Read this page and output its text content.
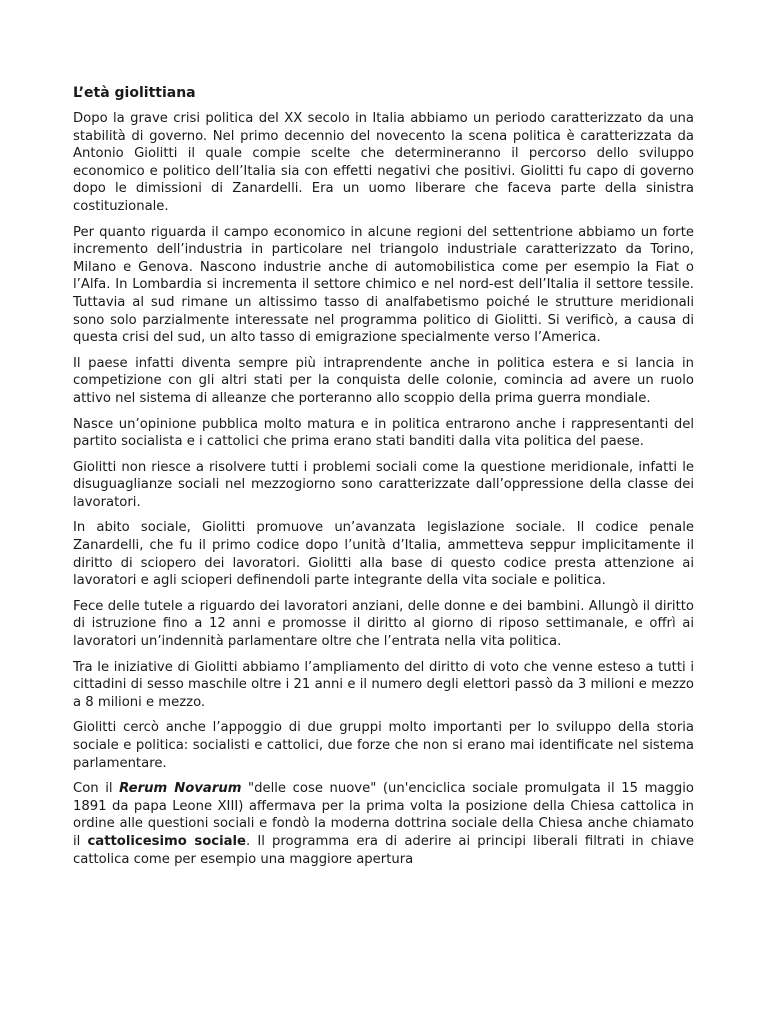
L’età giolittiana

Dopo la grave crisi politica del XX secolo in Italia abbiamo un periodo caratterizzato da una stabilità di governo. Nel primo decennio del novecento la scena politica è caratterizzata da Antonio Giolitti il quale compie scelte che determineranno il percorso dello sviluppo economico e politico dell’Italia sia con effetti negativi che positivi. Giolitti fu capo di governo dopo le dimissioni di Zanardelli. Era un uomo liberare che faceva parte della sinistra costituzionale.

Per quanto riguarda il campo economico in alcune regioni del settentrione abbiamo un forte incremento dell’industria in particolare nel triangolo industriale caratterizzato da Torino, Milano e Genova. Nascono industrie anche di automobilistica come per esempio la Fiat o l’Alfa. In Lombardia si incrementa il settore chimico e nel nord-est dell’Italia il settore tessile. Tuttavia al sud rimane un altissimo tasso di analfabetismo poiché le strutture meridionali sono solo parzialmente interessate nel programma politico di Giolitti. Si verificò, a causa di questa crisi del sud, un alto tasso di emigrazione specialmente verso l’America.

Il paese infatti diventa sempre più intraprendente anche in politica estera e si lancia in competizione con gli altri stati per la conquista delle colonie, comincia ad avere un ruolo attivo nel sistema di alleanze che porteranno allo scoppio della prima guerra mondiale.

Nasce un’opinione pubblica molto matura e in politica entrarono anche i rappresentanti del partito socialista e i cattolici che prima erano stati banditi dalla vita politica del paese.

Giolitti non riesce a risolvere tutti i problemi sociali come la questione meridionale, infatti le disuguaglianze sociali nel mezzogiorno sono caratterizzate dall’oppressione della classe dei lavoratori.

In abito sociale, Giolitti promuove un’avanzata legislazione sociale. Il codice penale Zanardelli, che fu il primo codice dopo l’unità d’Italia, ammetteva seppur implicitamente il diritto di sciopero dei lavoratori. Giolitti alla base di questo codice presta attenzione ai lavoratori e agli scioperi definendoli parte integrante della vita sociale e politica.

Fece delle tutele a riguardo dei lavoratori anziani, delle donne e dei bambini. Allungò il diritto di istruzione fino a 12 anni e promosse il diritto al giorno di riposo settimanale, e offrì ai lavoratori un’indennità parlamentare oltre che l’entrata nella vita politica.

Tra le iniziative di Giolitti abbiamo l’ampliamento del diritto di voto che venne esteso a tutti i cittadini di sesso maschile oltre i 21 anni e il numero degli elettori passò da 3 milioni e mezzo a 8 milioni e mezzo.

Giolitti cercò anche l’appoggio di due gruppi molto importanti per lo sviluppo della storia sociale e politica: socialisti e cattolici, due forze che non si erano mai identificate nel sistema parlamentare.

Con il Rerum Novarum "delle cose nuove" (un'enciclica sociale promulgata il 15 maggio 1891 da papa Leone XIII) affermava per la prima volta la posizione della Chiesa cattolica in ordine alle questioni sociali e fondò la moderna dottrina sociale della Chiesa anche chiamato il cattolicesimo sociale. Il programma era di aderire ai principi liberali filtrati in chiave cattolica come per esempio una maggiore apertura
